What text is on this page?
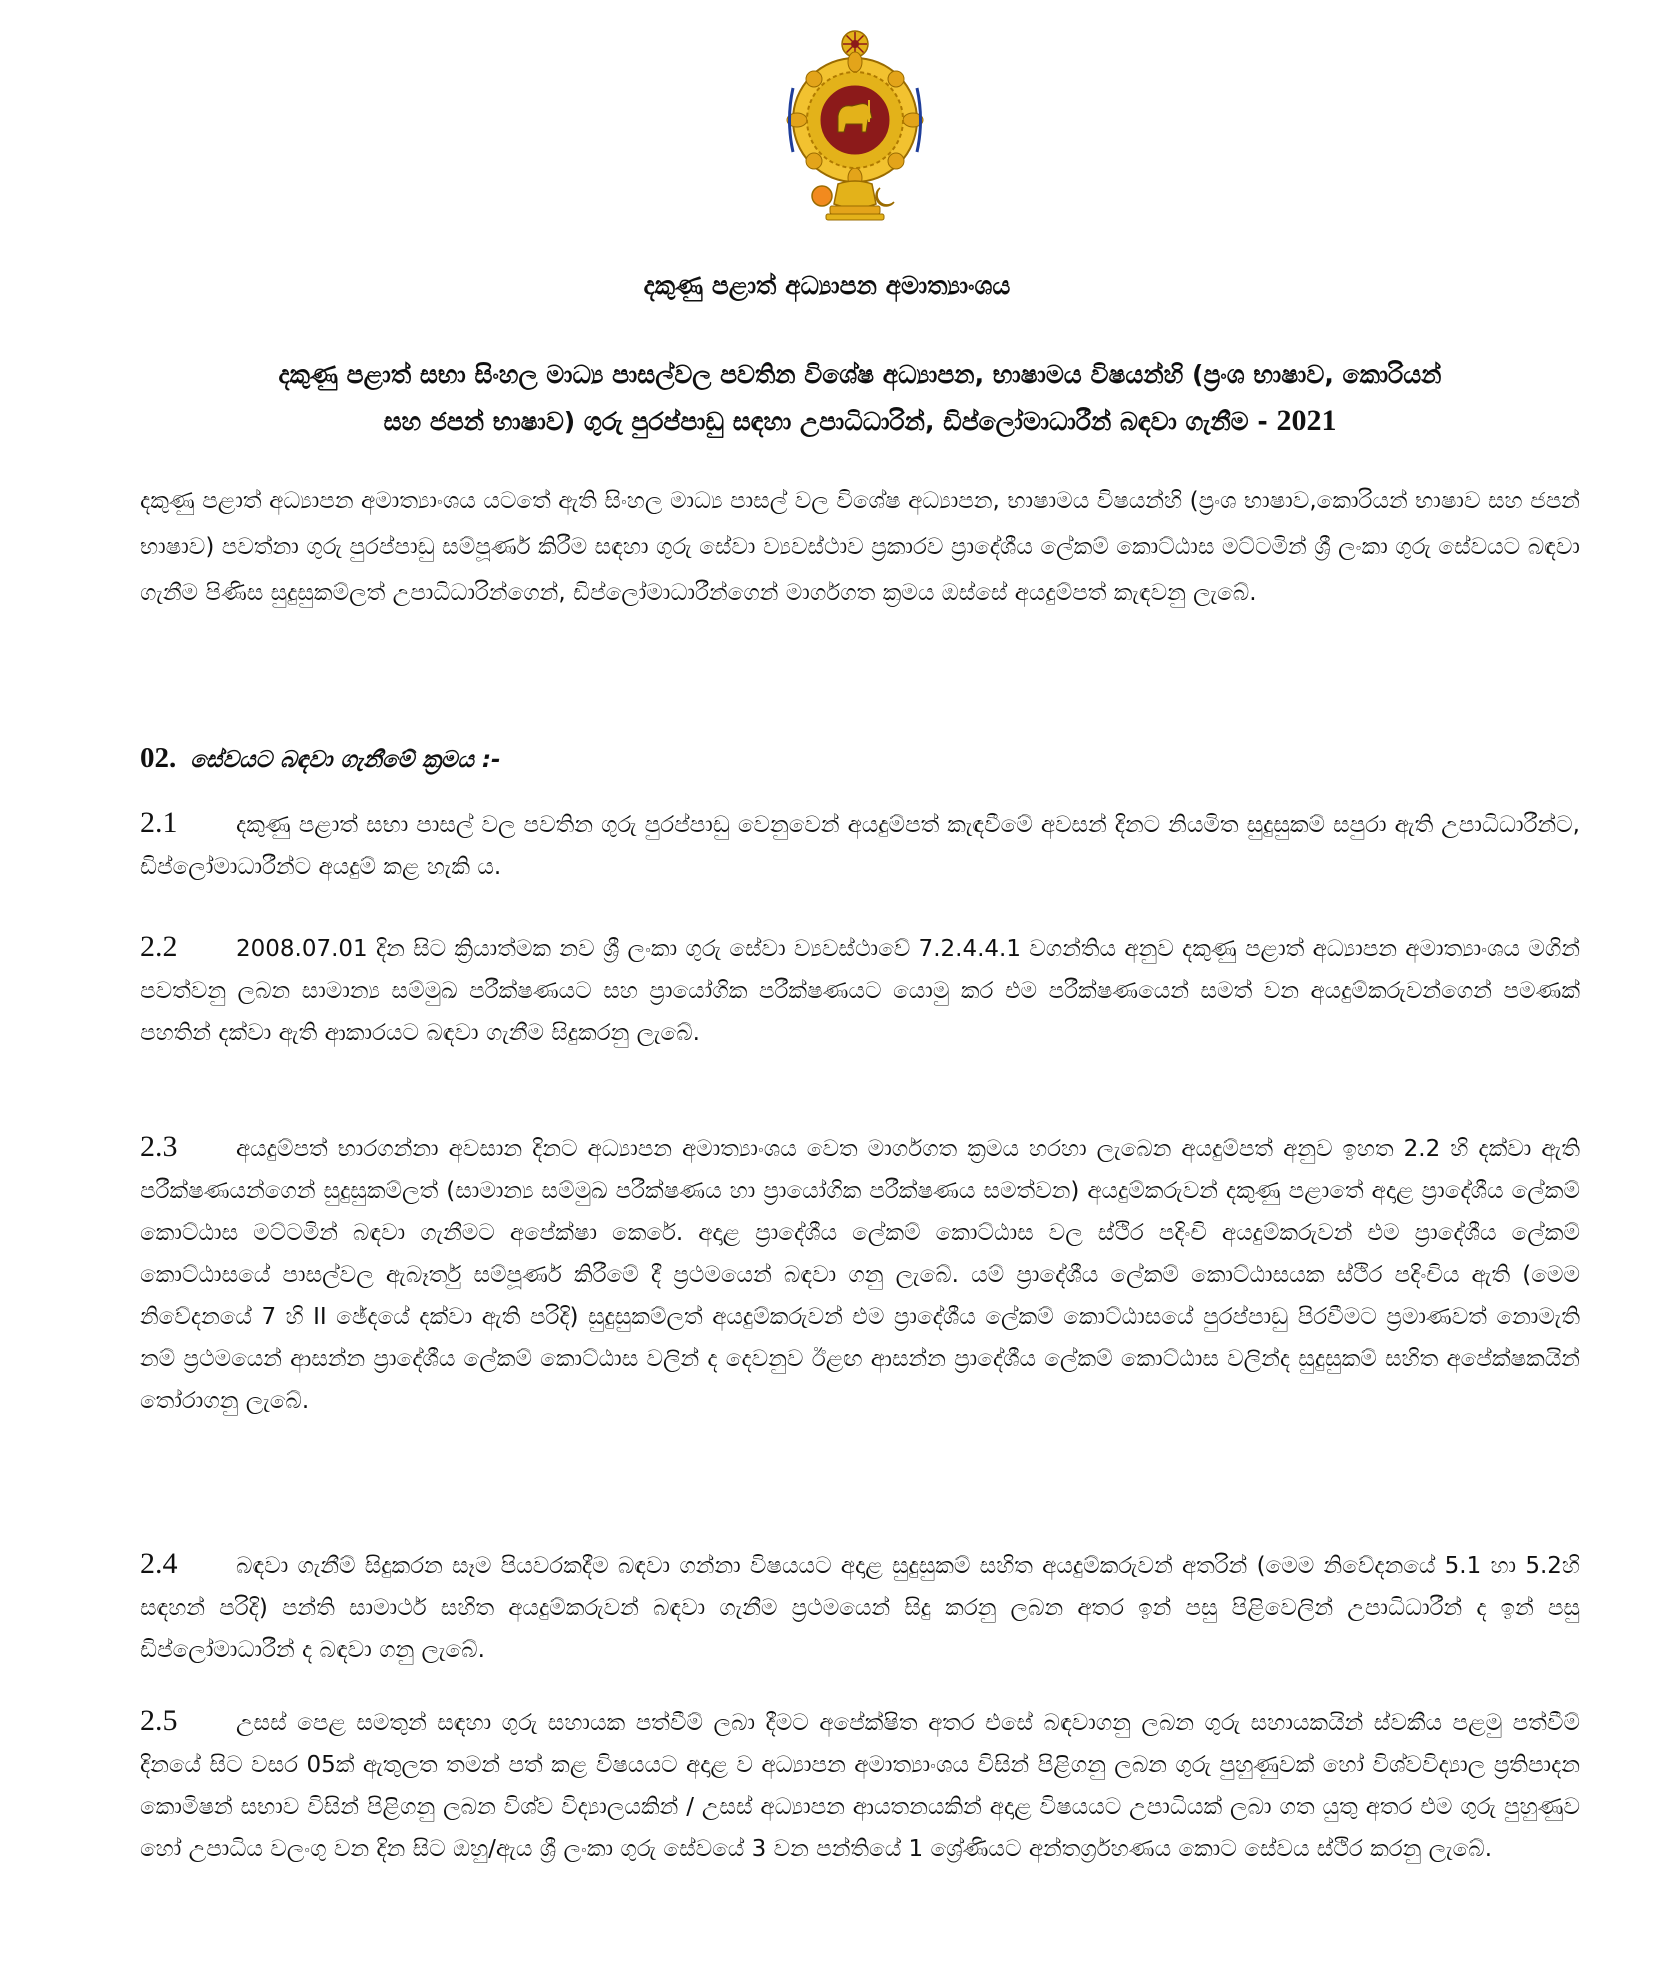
දකුණු පළාත් අධ්‍යාපන අමාත්‍යාංශය
දකුණු පළාත් සභා සිංහල මාධ්‍ය පාසල්වල පවතින විශේෂ අධ්‍යාපන, භාෂාමය විෂයන්හි (ප්‍රංශ භාෂාව, කොරියන්
සහ ජපන් භාෂාව) ගුරු පුරප්පාඩු සඳහා උපාධිධාරින්, ඩිප්ලෝමාධාරීන් බඳවා ගැනීම - 2021
දකුණු පළාත් අධ්‍යාපන අමාත්‍යාංශය යටතේ ඇති සිංහල මාධ්‍ය පාසල් වල විශේෂ අධ්‍යාපන, භාෂාමය විෂයන්හි (ප්‍රංශ භාෂාව,කොරියන් භාෂාව සහ ජපන් භාෂාව) පවත්නා ගුරු පුරප්පාඩු සම්පූර්ණ කිරීම සඳහා ගුරු සේවා ව්‍යවස්ථාව ප්‍රකාරව ප්‍රාදේශීය ලේකම් කොට්ඨාස මට්ටමින් ශ්‍රී ලංකා ගුරු සේවයට බඳවා ගැනීම පිණිස සුදුසුකම්ලත් උපාධිධාරින්ගෙන්, ඩිප්ලෝමාධාරීන්ගෙන් මාර්ගගත ක්‍රමය ඔස්සේ අයදුම්පත් කැඳවනු ලැබේ.
02. සේවයට බඳවා ගැනීමේ ක්‍රමය :-
2.1	දකුණු පළාත් සභා පාසල් වල පවතින ගුරු පුරප්පාඩු වෙනුවෙන් අයදුම්පත් කැඳවීමේ අවසන් දිනට නියමිත සුදුසුකම් සපුරා ඇති උපාධිධාරීන්ට, ඩිප්ලෝමාධාරීන්ට අයදුම් කළ හැකි ය.
2.2	2008.07.01 දින සිට ක්‍රියාත්මක නව ශ්‍රී ලංකා ගුරු සේවා ව්‍යවස්ථාවේ 7.2.4.4.1 වගන්තිය අනුව දකුණු පළාත් අධ්‍යාපන අමාත්‍යාංශය මගින් පවත්වනු ලබන සාමාන්‍ය සම්මුඛ පරීක්ෂණයට සහ ප්‍රායෝගික පරීක්ෂණයට යොමු කර එම පරීක්ෂණයෙන් සමත් වන අයදුම්කරුවන්ගෙන් පමණක් පහතින් දක්වා ඇති ආකාරයට බඳවා ගැනීම සිදුකරනු ලැබේ.
2.3	අයදුම්පත් භාරගන්නා අවසාන දිනට අධ්‍යාපන අමාත්‍යාංශය වෙත මාර්ගගත ක්‍රමය හරහා ලැබෙන අයදුම්පත් අනුව ඉහත 2.2 හි දක්වා ඇති පරීක්ෂණයන්ගෙන් සුදුසුකම්ලත් (සාමාන්‍ය සම්මුඛ පරීක්ෂණය හා ප්‍රායෝගික පරීක්ෂණය සමත්වන) අයදුම්කරුවන් දකුණු පළාතේ අදාළ ප්‍රාදේශීය ලේකම් කොට්ඨාස මට්ටමින් බඳවා ගැනීමට අපේක්ෂා කෙරේ. අදාළ ප්‍රාදේශීය ලේකම් කොට්ඨාස වල ස්ථිර පදිංචි අයදුම්කරුවන් එම ප්‍රාදේශීය ලේකම් කොට්ඨාසයේ පාසල්වල ඇබෑර්තු සම්පූර්ණ කිරීමේ දී ප්‍රථමයෙන් බඳවා ගනු ලැබේ. යම් ප්‍රාදේශීය ලේකම් කොට්ඨාසයක ස්ථිර පදිංචිය ඇති (මෙම නිවේදනයේ 7 හි II ඡේදයේ දක්වා ඇති පරිදි) සුදුසුකම්ලත් අයදුම්කරුවන් එම ප්‍රාදේශීය ලේකම් කොට්ඨාසයේ පුරප්පාඩු පිරවීමට ප්‍රමාණවත් නොමැති නම් ප්‍රථමයෙන් ආසන්න ප්‍රාදේශීය ලේකම් කොට්ඨාස වලින් ද දෙවනුව ඊළඟ ආසන්න ප්‍රාදේශීය ලේකම් කොට්ඨාස වලින්ද සුදුසුකම් සහිත අපේක්ෂකයින් තෝරාගනු ලැබේ.
2.4	බඳවා ගැනීම් සිදුකරන සෑම පියවරකදීම බඳවා ගන්නා විෂයයට අදාළ සුදුසුකම් සහිත අයදුම්කරුවන් අතරින් (මෙම නිවේදනයේ 5.1 හා 5.2හි සඳහන් පරිදි) පන්ති සාමාර්ථ සහිත අයදුම්කරුවන් බඳවා ගැනීම ප්‍රථමයෙන් සිදු කරනු ලබන අතර ඉන් පසු පිළිවෙලින් උපාධිධාරීන් ද ඉන් පසු ඩිප්ලෝමාධාරීන් ද බඳවා ගනු ලැබේ.
2.5	උසස් පෙළ සමතුන් සඳහා ගුරු සහායක පත්වීම් ලබා දීමට අපේක්ෂිත අතර එසේ බඳවාගනු ලබන ගුරු සහායකයින් ස්වකීය පළමු පත්වීම් දිනයේ සිට වසර 05ක් ඇතුලත තමන් පත් කළ විෂයයට අදාළ ව අධ්‍යාපන අමාත්‍යාංශය විසින් පිළිගනු ලබන ගුරු පුහුණුවක් හෝ විශ්වවිද්‍යාල ප්‍රතිපාදන කොමිෂන් සභාව විසින් පිළිගනු ලබන විශ්ව විද්‍යාලයකින් / උසස් අධ්‍යාපන ආයතනයකින් අදාළ විෂයයට උපාධියක් ලබා ගත යුතු අතර එම ගුරු පුහුණුව හෝ උපාධිය වලංගු වන දින සිට ඔහු/ඇය ශ්‍රී ලංකා ගුරු සේවයේ 3 වන පන්තියේ 1 ශ්‍රේණියට අන්තර්ග්‍රහණය කොට සේවය ස්ථිර කරනු ලැබේ.
